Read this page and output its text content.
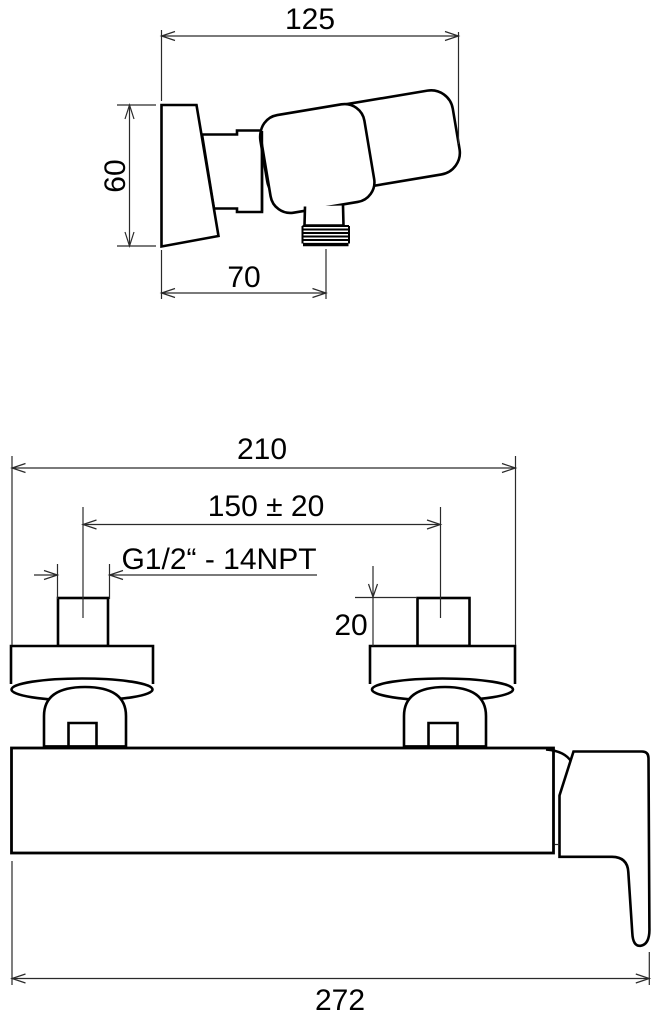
125
60
70
210
150 ± 20
G1/2“ - 14NPT
20
272
